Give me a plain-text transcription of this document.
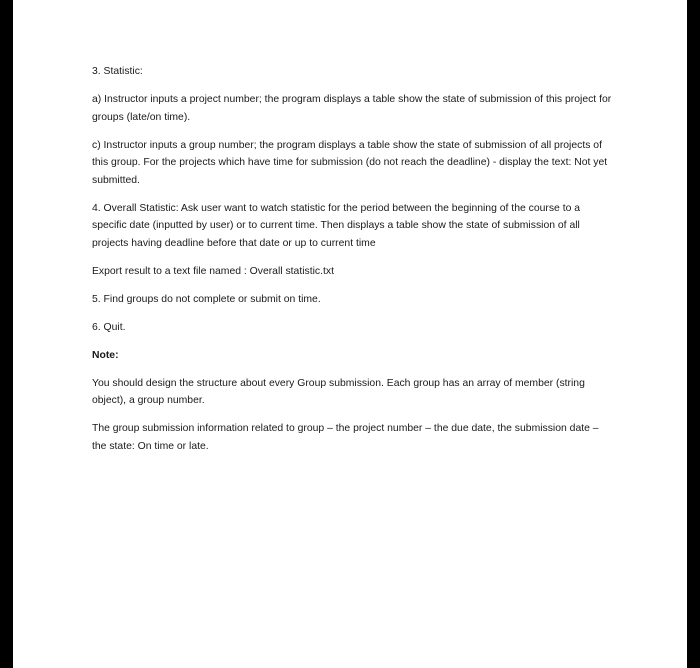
3. Statistic:

a) Instructor inputs a project number; the program displays a table show the state of submission of this project for groups (late/on time).

c) Instructor inputs a group number; the program displays a table show the state of submission of all projects of this group. For the projects which have time for submission (do not reach the deadline) - display the text: Not yet submitted.

4. Overall Statistic: Ask user want to watch statistic for the period between the beginning of the course to a specific date (inputted by user) or to current time. Then displays a table show the state of submission of all projects having deadline before that date or up to current time

Export result to a text file named : Overall statistic.txt

5. Find groups do not complete or submit on time.

6. Quit.

Note:

You should design the structure about every Group submission. Each group has an array of member (string object), a group number.

The group submission information related to group – the project number – the due date, the submission date – the state: On time or late.
